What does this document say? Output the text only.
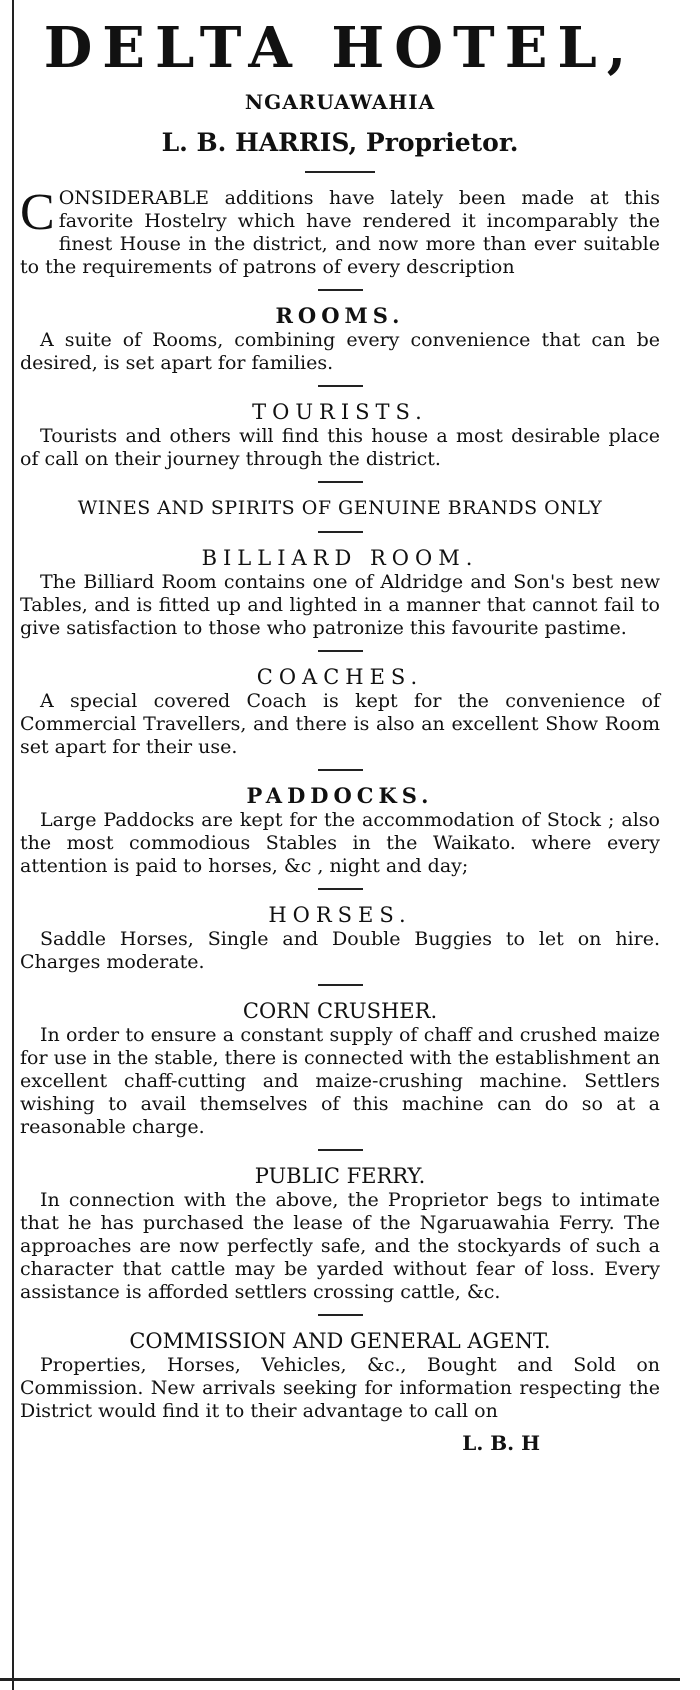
DELTA HOTEL,
NGARUAWAHIA
L. B. HARRIS, Proprietor.

CONSIDERABLE additions have lately been made at this favorite Hostelry which have rendered it incomparably the finest House in the district, and now more than ever suitable to the requirements of patrons of every description

ROOMS.

A suite of Rooms, combining every convenience that can be desired, is set apart for families.

TOURISTS.

Tourists and others will find this house a most desirable place of call on their journey through the district.

WINES AND SPIRITS OF GENUINE BRANDS ONLY
BILLIARD ROOM.

The Billiard Room contains one of Aldridge and Son's best new Tables, and is fitted up and lighted in a manner that cannot fail to give satisfaction to those who patronize this favourite pastime.

COACHES.

A special covered Coach is kept for the convenience of Commercial Travellers, and there is also an excellent Show Room set apart for their use.

PADDOCKS.

Large Paddocks are kept for the accommodation of Stock ; also the most commodious Stables in the Waikato. where every attention is paid to horses, &c , night and day;

HORSES.

Saddle Horses, Single and Double Buggies to let on hire. Charges moderate.

CORN CRUSHER.

In order to ensure a constant supply of chaff and crushed maize for use in the stable, there is connected with the establishment an excellent chaff-cutting and maize-crushing machine. Settlers wishing to avail themselves of this machine can do so at a reasonable charge.

PUBLIC FERRY.

In connection with the above, the Proprietor begs to intimate that he has purchased the lease of the Ngaruawahia Ferry. The approaches are now perfectly safe, and the stockyards of such a character that cattle may be yarded without fear of loss. Every assistance is afforded settlers crossing cattle, &c.

COMMISSION AND GENERAL AGENT.

Properties, Horses, Vehicles, &c., Bought and Sold on Commission. New arrivals seeking for information respecting the District would find it to their advantage to call on

L. B. H
